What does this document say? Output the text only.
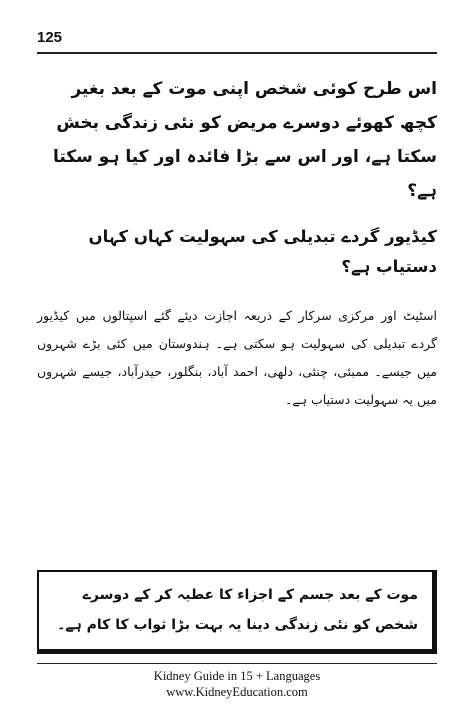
125

اس طرح کوئی شخص اپنی موت کے بعد بغیر کچھ کھوئے دوسرے مریض کو نئی زندگی بخش سکتا ہے، اور اس سے بڑا فائدہ اور کیا ہو سکتا ہے؟

کیڈیور گردے تبدیلی کی سہولیت کہاں کہاں دستیاب ہے؟

اسٹیٹ اور مرکزی سرکار کے ذریعہ اجازت دیئے گئے اسپتالوں میں کیڈیور گردے تبدیلی کی سہولیت ہو سکتی ہے۔ ہندوستان میں کئی بڑے شہروں میں جیسے۔ ممبئی، چنئی، دلھی، احمد آباد، بنگلور، حیدرآباد، جیسے شہروں میں یہ سہولیت دستیاب ہے۔

موت کے بعد جسم کے اجزاء کا عطیہ کر کے دوسرے شخص کو نئی زندگی دینا یہ بہت بڑا ثواب کا کام ہے۔

Kidney Guide in 15 + Languages
www.KidneyEducation.com
